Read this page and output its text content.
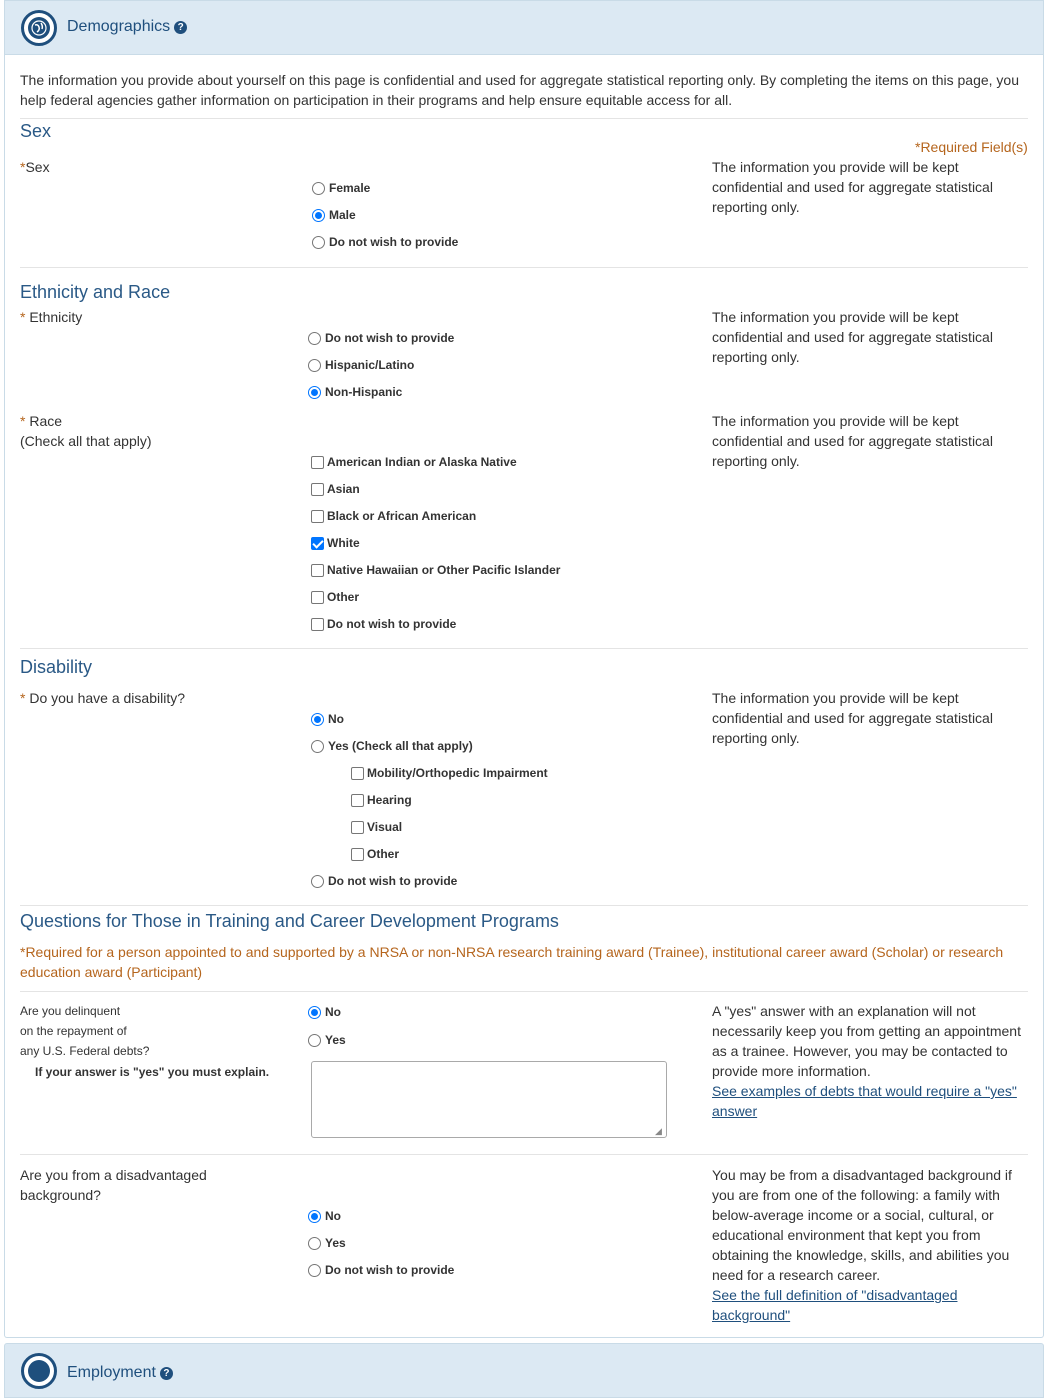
Demographics ?
The information you provide about yourself on this page is confidential and used for aggregate statistical reporting only. By completing the items on this page, you help federal agencies gather information on participation in their programs and help ensure equitable access for all.
Sex
*Required Field(s)
*Sex	The information you provide will be kept confidential and used for aggregate statistical reporting only.
Female
Male
Do not wish to provide
Ethnicity and Race
* Ethnicity	The information you provide will be kept confidential and used for aggregate statistical reporting only.
Do not wish to provide
Hispanic/Latino
Non-Hispanic
* Race
(Check all that apply)
The information you provide will be kept confidential and used for aggregate statistical reporting only.
American Indian or Alaska Native
Asian
Black or African American
White
Native Hawaiian or Other Pacific Islander
Other
Do not wish to provide
Disability
* Do you have a disability?	The information you provide will be kept confidential and used for aggregate statistical reporting only.
No
Yes (Check all that apply)
Mobility/Orthopedic Impairment
Hearing
Visual
Other
Do not wish to provide
Questions for Those in Training and Career Development Programs
*Required for a person appointed to and supported by a NRSA or non-NRSA research training award (Trainee), institutional career award (Scholar) or research education award (Participant)
Are you delinquent
on the repayment of
any U.S. Federal debts?
If your answer is "yes" you must explain.
No
Yes
◢
A "yes" answer with an explanation will not necessarily keep you from getting an appointment as a trainee. However, you may be contacted to provide more information.
See examples of debts that would require a "yes" answer
Are you from a disadvantaged background?
No
Yes
Do not wish to provide
You may be from a disadvantaged background if you are from one of the following: a family with below-average income or a social, cultural, or educational environment that kept you from obtaining the knowledge, skills, and abilities you need for a research career.
See the full definition of "disadvantaged background"
Employment ?
